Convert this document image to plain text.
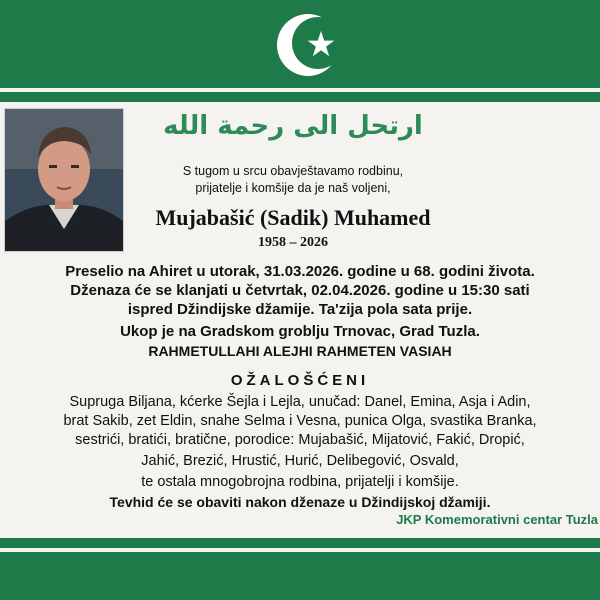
ارتحل الى رحمة الله
S tugom u srcu obavještavamo rodbinu,
prijatelje i komšije da je naš voljeni,
Mujabašić (Sadik) Muhamed
1958 – 2026
Preselio na Ahiret u utorak, 31.03.2026. godine u 68. godini života.
Dženaza će se klanjati u četvrtak, 02.04.2026. godine u 15:30 sati
ispred Džindijske džamije. Ta'zija pola sata prije.
Ukop je na Gradskom groblju Trnovac, Grad Tuzla.
RAHMETULLAHI ALEJHI RAHMETEN VASIAH
OŽALOŠĆENI
Supruga Biljana, kćerke Šejla i Lejla, unučad: Danel, Emina, Asja i Adin,
brat Sakib, zet Eldin, snahe Selma i Vesna, punica Olga, svastika Branka,
sestrići, bratići, bratične, porodice: Mujabašić, Mijatović, Fakić, Dropić,
Jahić, Brezić, Hrustić, Hurić, Delibegović, Osvald,
te ostala mnogobrojna rodbina, prijatelji i komšije.
Tevhid će se obaviti nakon dženaze u Džindijskoj džamiji.
JKP Komemorativni centar Tuzla
